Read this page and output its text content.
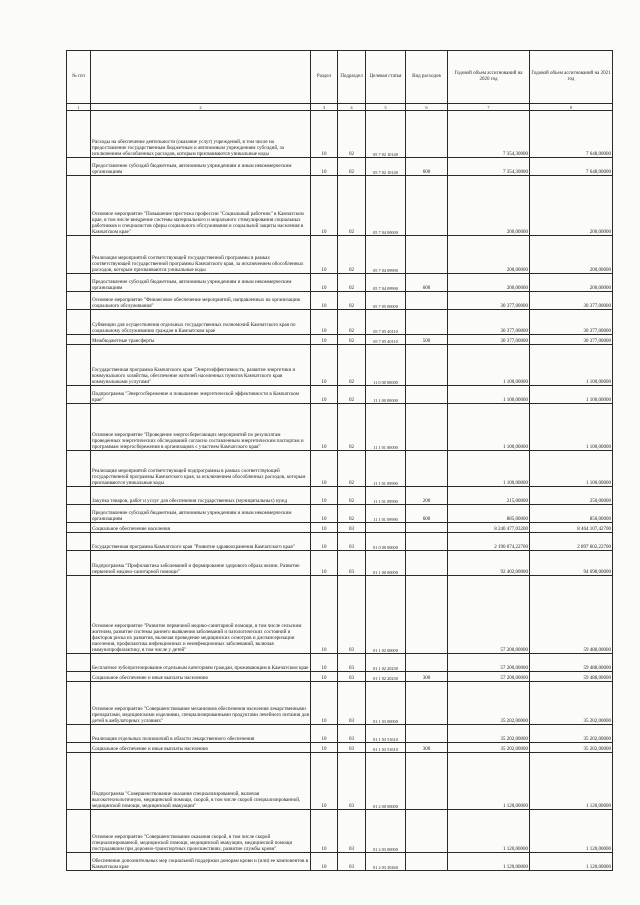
№ п/п		Раздел	Подраздел	Целевая статья	Вид расходов	Годовой объем ассигнований на 2020 год	Годовой объем ассигнований на 2021 год
1	2	3	4	5	6	7	8
	Расходы на обеспечение деятельности (оказание услуг) учреждений, в том числе на предоставление государственным бюджетным и автономным учреждениям субсидий, за исключением обособленных расходов, которым присваиваются уникальные коды	10	02	05 7 02 10140		7 354,30000	7 648,00000
	Предоставление субсидий бюджетным, автономным учреждениям и иным некоммерческим организациям	10	02	05 7 02 10140	600	7 354,30000	7 648,00000
	Основное мероприятие "Повышение престижа профессии "Социальный работник" в Камчатском крае, в том числе внедрение системы материального и морального стимулирования социальных работников и специалистов сферы социального обслуживания и социальной защиты населения в Камчатском крае"	10	02	05 7 04 00000		200,00000	200,00000
	Реализация мероприятий соответствующей государственной программы в рамках соответствующей государственной программы Камчатского края, за исключением обособленных расходов, которым присваиваются уникальные коды	10	02	05 7 04 09990		200,00000	200,00000
	Предоставление субсидий бюджетным, автономным учреждениям и иным некоммерческим организациям	10	02	05 7 04 09990	600	200,00000	200,00000
	Основное мероприятие "Финансовое обеспечение мероприятий, направленных на организацию социального обслуживания"	10	02	05 7 05 00000		30 377,00000	30 377,00000
	Субвенции для осуществления отдельных государственных полномочий Камчатского края по социальному обслуживанию граждан в Камчатском крае	10	02	05 7 05 40110		30 377,00000	30 377,00000
	Межбюджетные трансферты	10	02	05 7 05 40110	500	30 377,00000	30 377,00000
	Государственная программа Камчатского края "Энергоэффективность, развитие энергетики и коммунального хозяйства, обеспечение жителей населенных пунктов Камчатского края коммунальными услугами"	10	02	11 0 00 00000		1 100,00000	1 100,00000
	Подпрограмма "Энергосбережение и повышение энергетической эффективности в Камчатском крае"	10	02	11 1 00 00000		1 100,00000	1 100,00000
	Основное мероприятие "Проведение энергосберегающих мероприятий по результатам проведенных энергетических обследований согласно составленным энергетическим паспортам и программам энергосбережения в организациях с участием Камчатского края"	10	02	11 1 01 00000		1 100,00000	1 100,00000
	Реализация мероприятий соответствующей подпрограммы в рамках соответствующей государственной программы Камчатского края, за исключением обособленных расходов, которым присваиваются уникальные коды	10	02	11 1 01 09990		1 100,00000	1 100,00000
	Закупка товаров, работ и услуг для обеспечения государственных (муниципальных) нужд	10	02	11 1 01 09990	200	215,00000	250,00000
	Предоставление субсидий бюджетным, автономным учреждениям и иным некоммерческим организациям	10	02	11 1 01 09990	600	885,00000	850,00000
	Социальное обеспечение населения	10	03			8 240 477,03200	8 464 107,42700
	Государственная программа Камчатского края "Развитие здравоохранения Камчатского края"	10	03	01 0 00 00000		2 190 074,22700	2 897 602,22700
	Подпрограмма "Профилактика заболеваний и формирование здорового образа жизни. Развитие первичной медико-санитарной помощи"	10	03	01 1 00 00000		92 402,00000	94 698,00000
	Основное мероприятие "Развитие первичной медико-санитарной помощи, в том числе сельским жителям, развитие системы раннего выявления заболеваний и патологических состояний и факторов риска их развития, включая проведение медицинских осмотров и диспансеризации населения, профилактика инфекционных и неинфекционных заболеваний, включая иммунопрофилактику, в том числе у детей"	10	03	01 1 02 00000		57 200,00000	59 488,00000
	Бесплатное зубопротезирование отдельным категориям граждан, проживающим в Камчатском крае	10	03	01 1 02 20230		57 200,00000	59 488,00000
	Социальное обеспечение и иные выплаты населению	10	03	01 1 02 20230	300	57 200,00000	59 488,00000
	Основное мероприятие "Совершенствование механизмов обеспечения населения лекарственными препаратами, медицинскими изделиями, специализированными продуктами лечебного питания для детей в амбулаторных условиях"	10	03	01 1 03 00000		35 202,00000	35 202,00000
	Реализация отдельных полномочий в области лекарственного обеспечения	10	03	01 1 03 51610		35 202,00000	35 202,00000
	Социальное обеспечение и иные выплаты населению	10	03	01 1 03 51610	300	35 202,00000	35 202,00000
	Подпрограмма "Совершенствование оказания специализированной, включая высокотехнологичную, медицинской помощи, скорой, в том числе скорой специализированной, медицинской помощи, медицинской эвакуации"	10	03	01 2 00 00000		1 120,00000	1 120,00000
	Основное мероприятие "Совершенствование оказания скорой, в том числе скорой специализированной, медицинской помощи, медицинской эвакуации, медицинской помощи пострадавшим при дорожно-транспортных происшествиях, развитие службы крови"	10	03	01 2 03 00000		1 120,00000	1 120,00000
	Обеспечение дополнительных мер социальной поддержки донорам крови и (или) ее компонентов в Камчатском крае	10	03	01 2 03 20260		1 120,00000	1 120,00000
